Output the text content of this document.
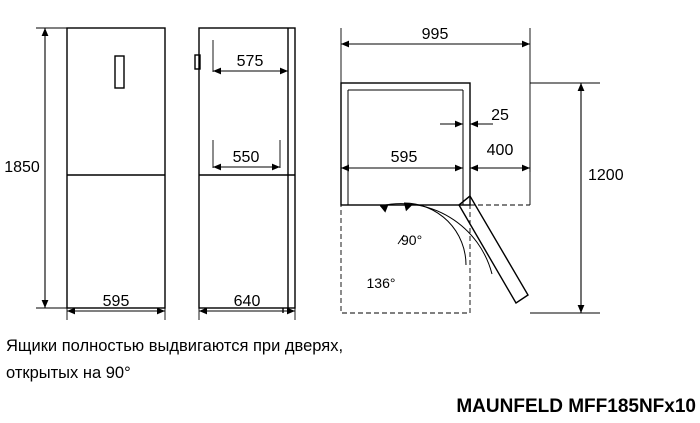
1850
595
575
550
640
90°
136°
995
25
400
595
1200
Ящики полностью выдвигаются при дверях,
открытых на 90°
MAUNFELD MFF185NFx10
